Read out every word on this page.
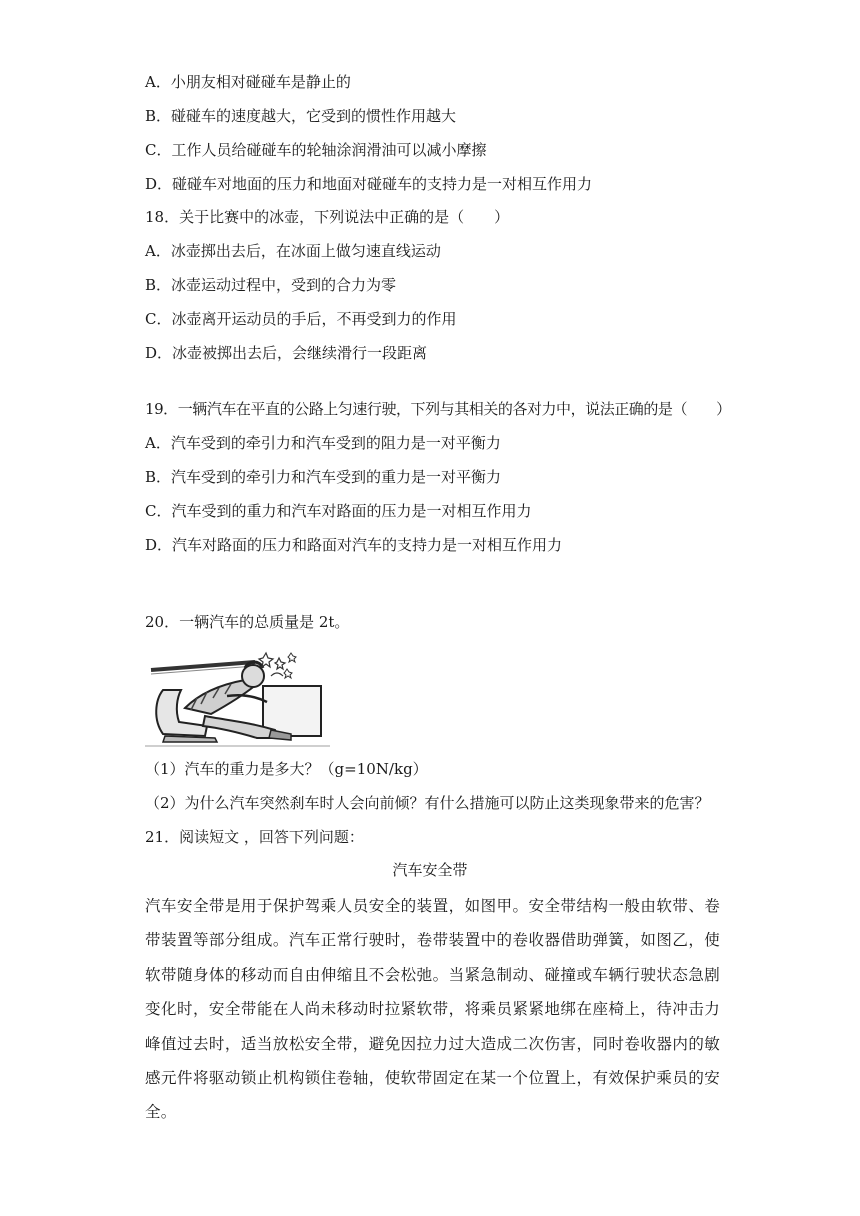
A．小朋友相对碰碰车是静止的
B．碰碰车的速度越大，它受到的惯性作用越大
C．工作人员给碰碰车的轮轴涂润滑油可以减小摩擦
D．碰碰车对地面的压力和地面对碰碰车的支持力是一对相互作用力
18．关于比赛中的冰壶，下列说法中正确的是（　　）
A．冰壶掷出去后，在冰面上做匀速直线运动
B．冰壶运动过程中，受到的合力为零
C．冰壶离开运动员的手后，不再受到力的作用
D．冰壶被掷出去后，会继续滑行一段距离
19．一辆汽车在平直的公路上匀速行驶，下列与其相关的各对力中，说法正确的是（　　）
A．汽车受到的牵引力和汽车受到的阻力是一对平衡力
B．汽车受到的牵引力和汽车受到的重力是一对平衡力
C．汽车受到的重力和汽车对路面的压力是一对相互作用力
D．汽车对路面的压力和路面对汽车的支持力是一对相互作用力
20．一辆汽车的总质量是 2t。
（1）汽车的重力是多大？（g=10N/kg）
（2）为什么汽车突然刹车时人会向前倾？有什么措施可以防止这类现象带来的危害？
21．阅读短文 ，回答下列问题：
汽车安全带
汽车安全带是用于保护驾乘人员安全的装置，如图甲。安全带结构一般由软带、卷带装置等部分组成。汽车正常行驶时，卷带装置中的卷收器借助弹簧，如图乙，使软带随身体的移动而自由伸缩且不会松弛。当紧急制动、碰撞或车辆行驶状态急剧变化时，安全带能在人尚未移动时拉紧软带，将乘员紧紧地绑在座椅上，待冲击力峰值过去时，适当放松安全带，避免因拉力过大造成二次伤害，同时卷收器内的敏感元件将驱动锁止机构锁住卷轴，使软带固定在某一个位置上，有效保护乘员的安全。
